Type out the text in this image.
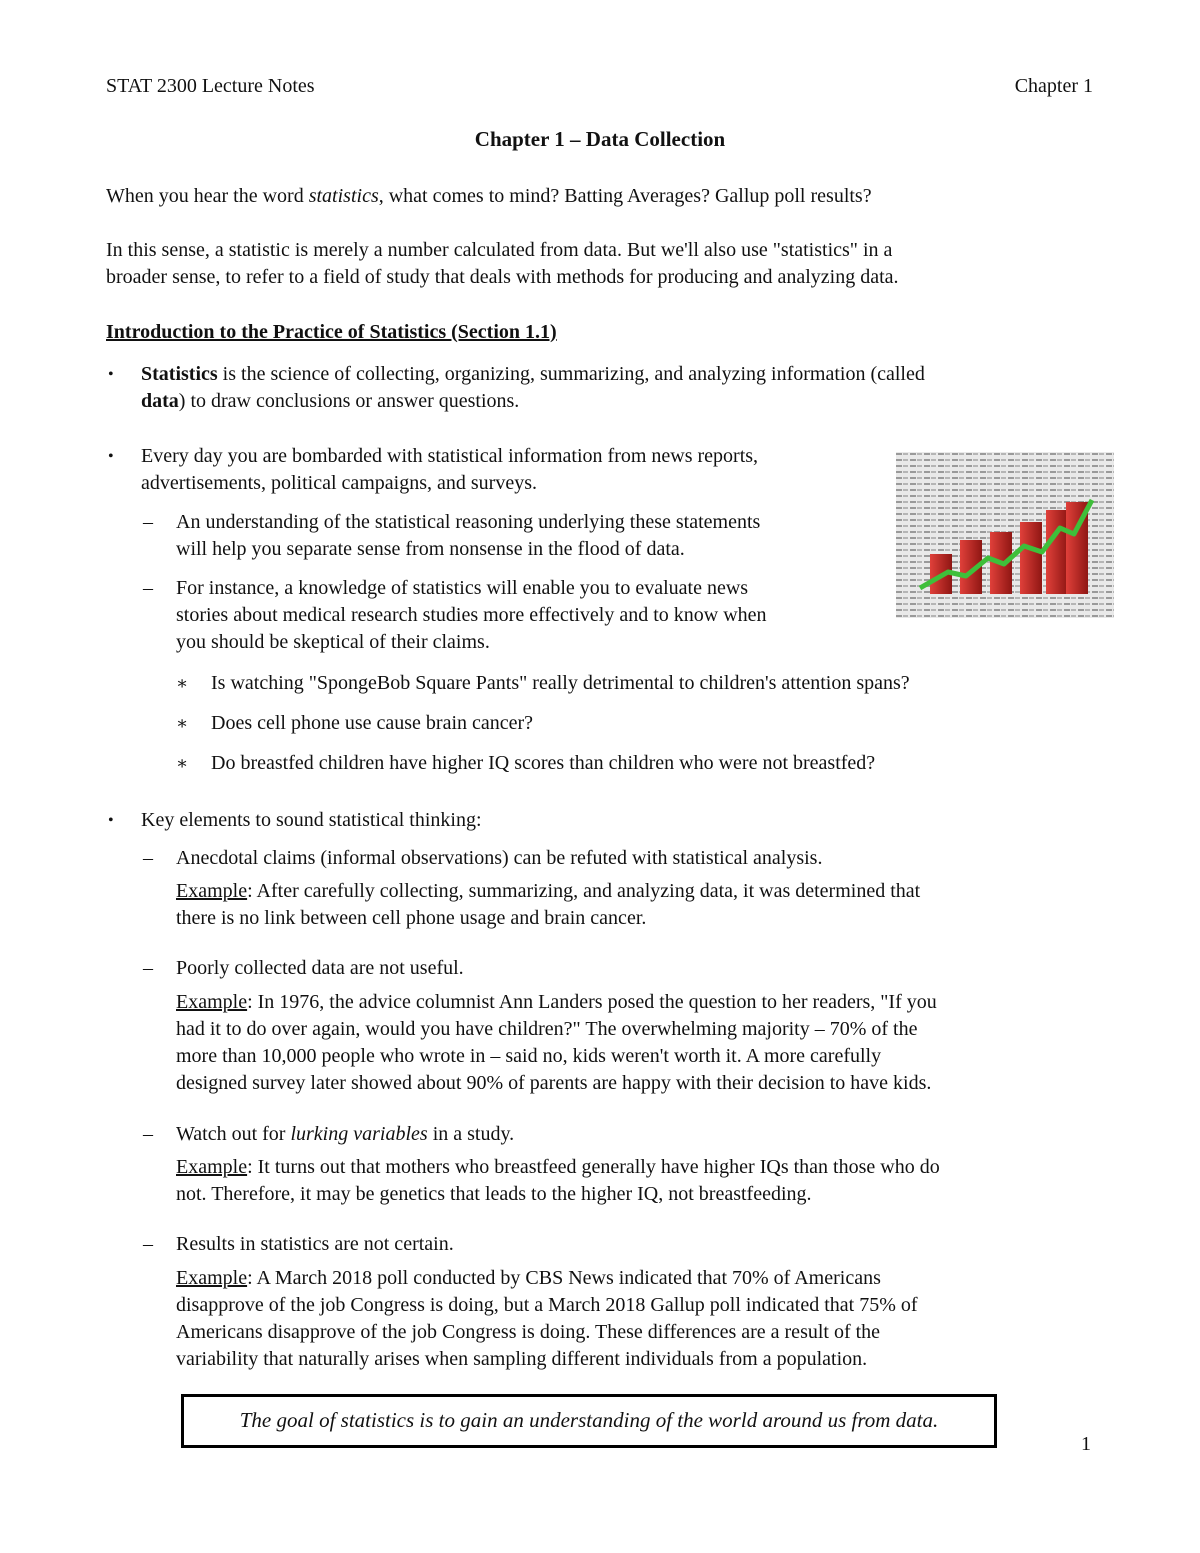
STAT 2300 Lecture Notes	Chapter 1
Chapter 1 – Data Collection
When you hear the word statistics, what comes to mind? Batting Averages? Gallup poll results?
In this sense, a statistic is merely a number calculated from data. But we'll also use "statistics" in a
broader sense, to refer to a field of study that deals with methods for producing and analyzing data.
Introduction to the Practice of Statistics (Section 1.1)
• Statistics is the science of collecting, organizing, summarizing, and analyzing information (called
data) to draw conclusions or answer questions.
• Every day you are bombarded with statistical information from news reports,
advertisements, political campaigns, and surveys.
– An understanding of the statistical reasoning underlying these statements
will help you separate sense from nonsense in the flood of data.
– For instance, a knowledge of statistics will enable you to evaluate news
stories about medical research studies more effectively and to know when
you should be skeptical of their claims.
∗ Is watching "SpongeBob Square Pants" really detrimental to children's attention spans?
∗ Does cell phone use cause brain cancer?
∗ Do breastfed children have higher IQ scores than children who were not breastfed?
• Key elements to sound statistical thinking:
– Anecdotal claims (informal observations) can be refuted with statistical analysis.
Example: After carefully collecting, summarizing, and analyzing data, it was determined that
there is no link between cell phone usage and brain cancer.
– Poorly collected data are not useful.
Example: In 1976, the advice columnist Ann Landers posed the question to her readers, "If you
had it to do over again, would you have children?" The overwhelming majority – 70% of the
more than 10,000 people who wrote in – said no, kids weren't worth it. A more carefully
designed survey later showed about 90% of parents are happy with their decision to have kids.
– Watch out for lurking variables in a study.
Example: It turns out that mothers who breastfeed generally have higher IQs than those who do
not. Therefore, it may be genetics that leads to the higher IQ, not breastfeeding.
– Results in statistics are not certain.
Example: A March 2018 poll conducted by CBS News indicated that 70% of Americans
disapprove of the job Congress is doing, but a March 2018 Gallup poll indicated that 75% of
Americans disapprove of the job Congress is doing. These differences are a result of the
variability that naturally arises when sampling different individuals from a population.
The goal of statistics is to gain an understanding of the world around us from data.
1
